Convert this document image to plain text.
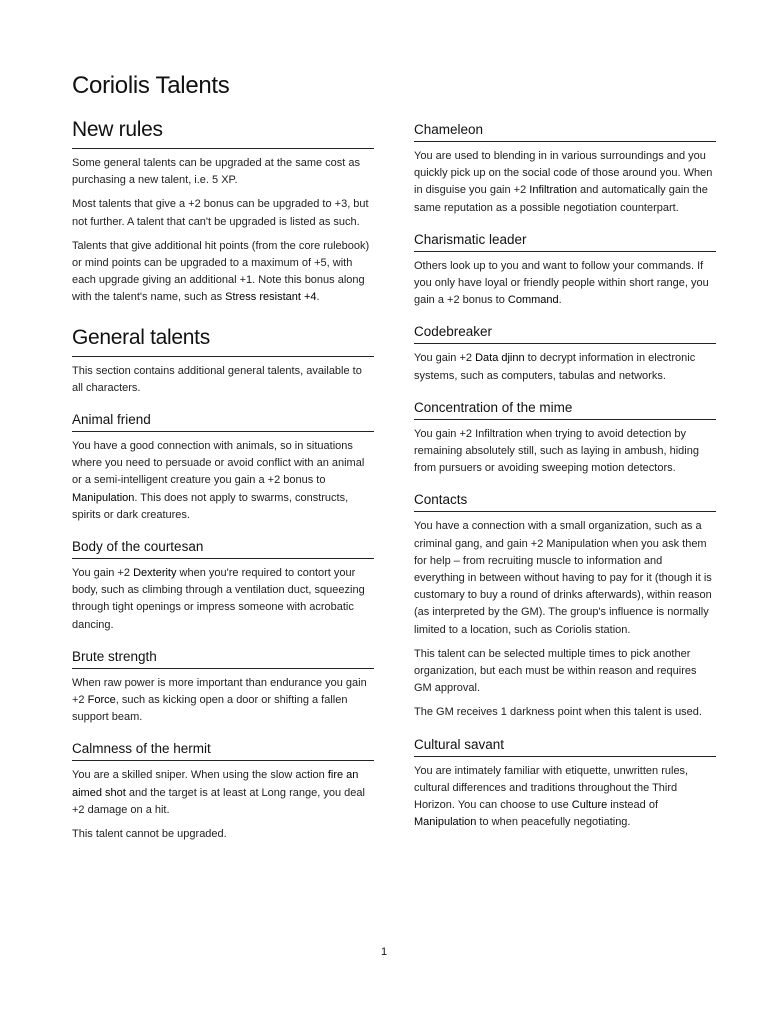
Coriolis Talents
New rules

Some general talents can be upgraded at the same cost as purchasing a new talent, i.e. 5 XP.

Most talents that give a +2 bonus can be upgraded to +3, but not further. A talent that can't be upgraded is listed as such.

Talents that give additional hit points (from the core rulebook) or mind points can be upgraded to a maximum of +5, with each upgrade giving an additional +1. Note this bonus along with the talent's name, such as Stress resistant +4.

General talents

This section contains additional general talents, available to all characters.

Animal friend

You have a good connection with animals, so in situations where you need to persuade or avoid conflict with an animal or a semi-intelligent creature you gain a +2 bonus to Manipulation. This does not apply to swarms, constructs, spirits or dark creatures.

Body of the courtesan

You gain +2 Dexterity when you're required to contort your body, such as climbing through a ventilation duct, squeezing through tight openings or impress someone with acrobatic dancing.

Brute strength

When raw power is more important than endurance you gain +2 Force, such as kicking open a door or shifting a fallen support beam.

Calmness of the hermit

You are a skilled sniper. When using the slow action fire an aimed shot and the target is at least at Long range, you deal +2 damage on a hit.

This talent cannot be upgraded.

Chameleon

You are used to blending in in various surroundings and you quickly pick up on the social code of those around you. When in disguise you gain +2 Infiltration and automatically gain the same reputation as a possible negotiation counterpart.

Charismatic leader

Others look up to you and want to follow your commands. If you only have loyal or friendly people within short range, you gain a +2 bonus to Command.

Codebreaker

You gain +2 Data djinn to decrypt information in electronic systems, such as computers, tabulas and networks.

Concentration of the mime

You gain +2 Infiltration when trying to avoid detection by remaining absolutely still, such as laying in ambush, hiding from pursuers or avoiding sweeping motion detectors.

Contacts

You have a connection with a small organization, such as a criminal gang, and gain +2 Manipulation when you ask them for help – from recruiting muscle to information and everything in between without having to pay for it (though it is customary to buy a round of drinks afterwards), within reason (as interpreted by the GM). The group's influence is normally limited to a location, such as Coriolis station.

This talent can be selected multiple times to pick another organization, but each must be within reason and requires GM approval.

The GM receives 1 darkness point when this talent is used.

Cultural savant

You are intimately familiar with etiquette, unwritten rules, cultural differences and traditions throughout the Third Horizon. You can choose to use Culture instead of Manipulation to when peacefully negotiating.

1
